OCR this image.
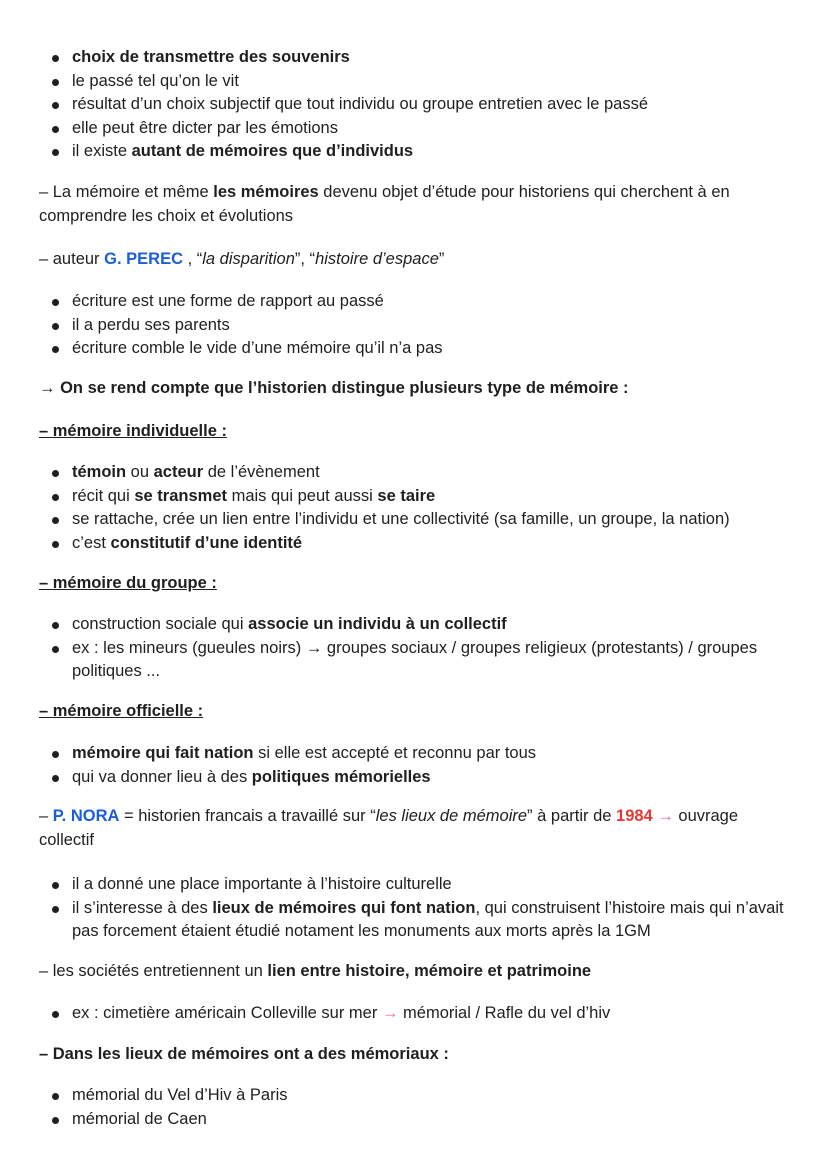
choix de transmettre des souvenirs
le passé tel qu’on le vit
résultat d’un choix subjectif que tout individu ou groupe entretien avec le passé
elle peut être dicter par les émotions
il existe autant de mémoires que d’individus

– La mémoire et même les mémoires devenu objet d’étude pour historiens qui cherchent à en comprendre les choix et évolutions

– auteur G. PEREC , “la disparition”, “histoire d’espace”

écriture est une forme de rapport au passé
il a perdu ses parents
écriture comble le vide d’une mémoire qu’il n’a pas

→ On se rend compte que l’historien distingue plusieurs type de mémoire :

– mémoire individuelle :

témoin ou acteur de l’évènement
récit qui se transmet mais qui peut aussi se taire
se rattache, crée un lien entre l’individu et une collectivité (sa famille, un groupe, la nation)
c’est constitutif d’une identité

– mémoire du groupe :

construction sociale qui associe un individu à un collectif
ex : les mineurs (gueules noirs) → groupes sociaux / groupes religieux (protestants) / groupes politiques ...

– mémoire officielle :

mémoire qui fait nation si elle est accepté et reconnu par tous
qui va donner lieu à des politiques mémorielles

– P. NORA = historien francais a travaillé sur “les lieux de mémoire” à partir de 1984 → ouvrage collectif

il a donné une place importante à l’histoire culturelle
il s’interesse à des lieux de mémoires qui font nation, qui construisent l’histoire mais qui n’avait pas forcement étaient étudié notament les monuments aux morts après la 1GM

– les sociétés entretiennent un lien entre histoire, mémoire et patrimoine

ex : cimetière américain Colleville sur mer → mémorial / Rafle du vel d’hiv

– Dans les lieux de mémoires ont a des mémoriaux :

mémorial du Vel d’Hiv à Paris
mémorial de Caen
